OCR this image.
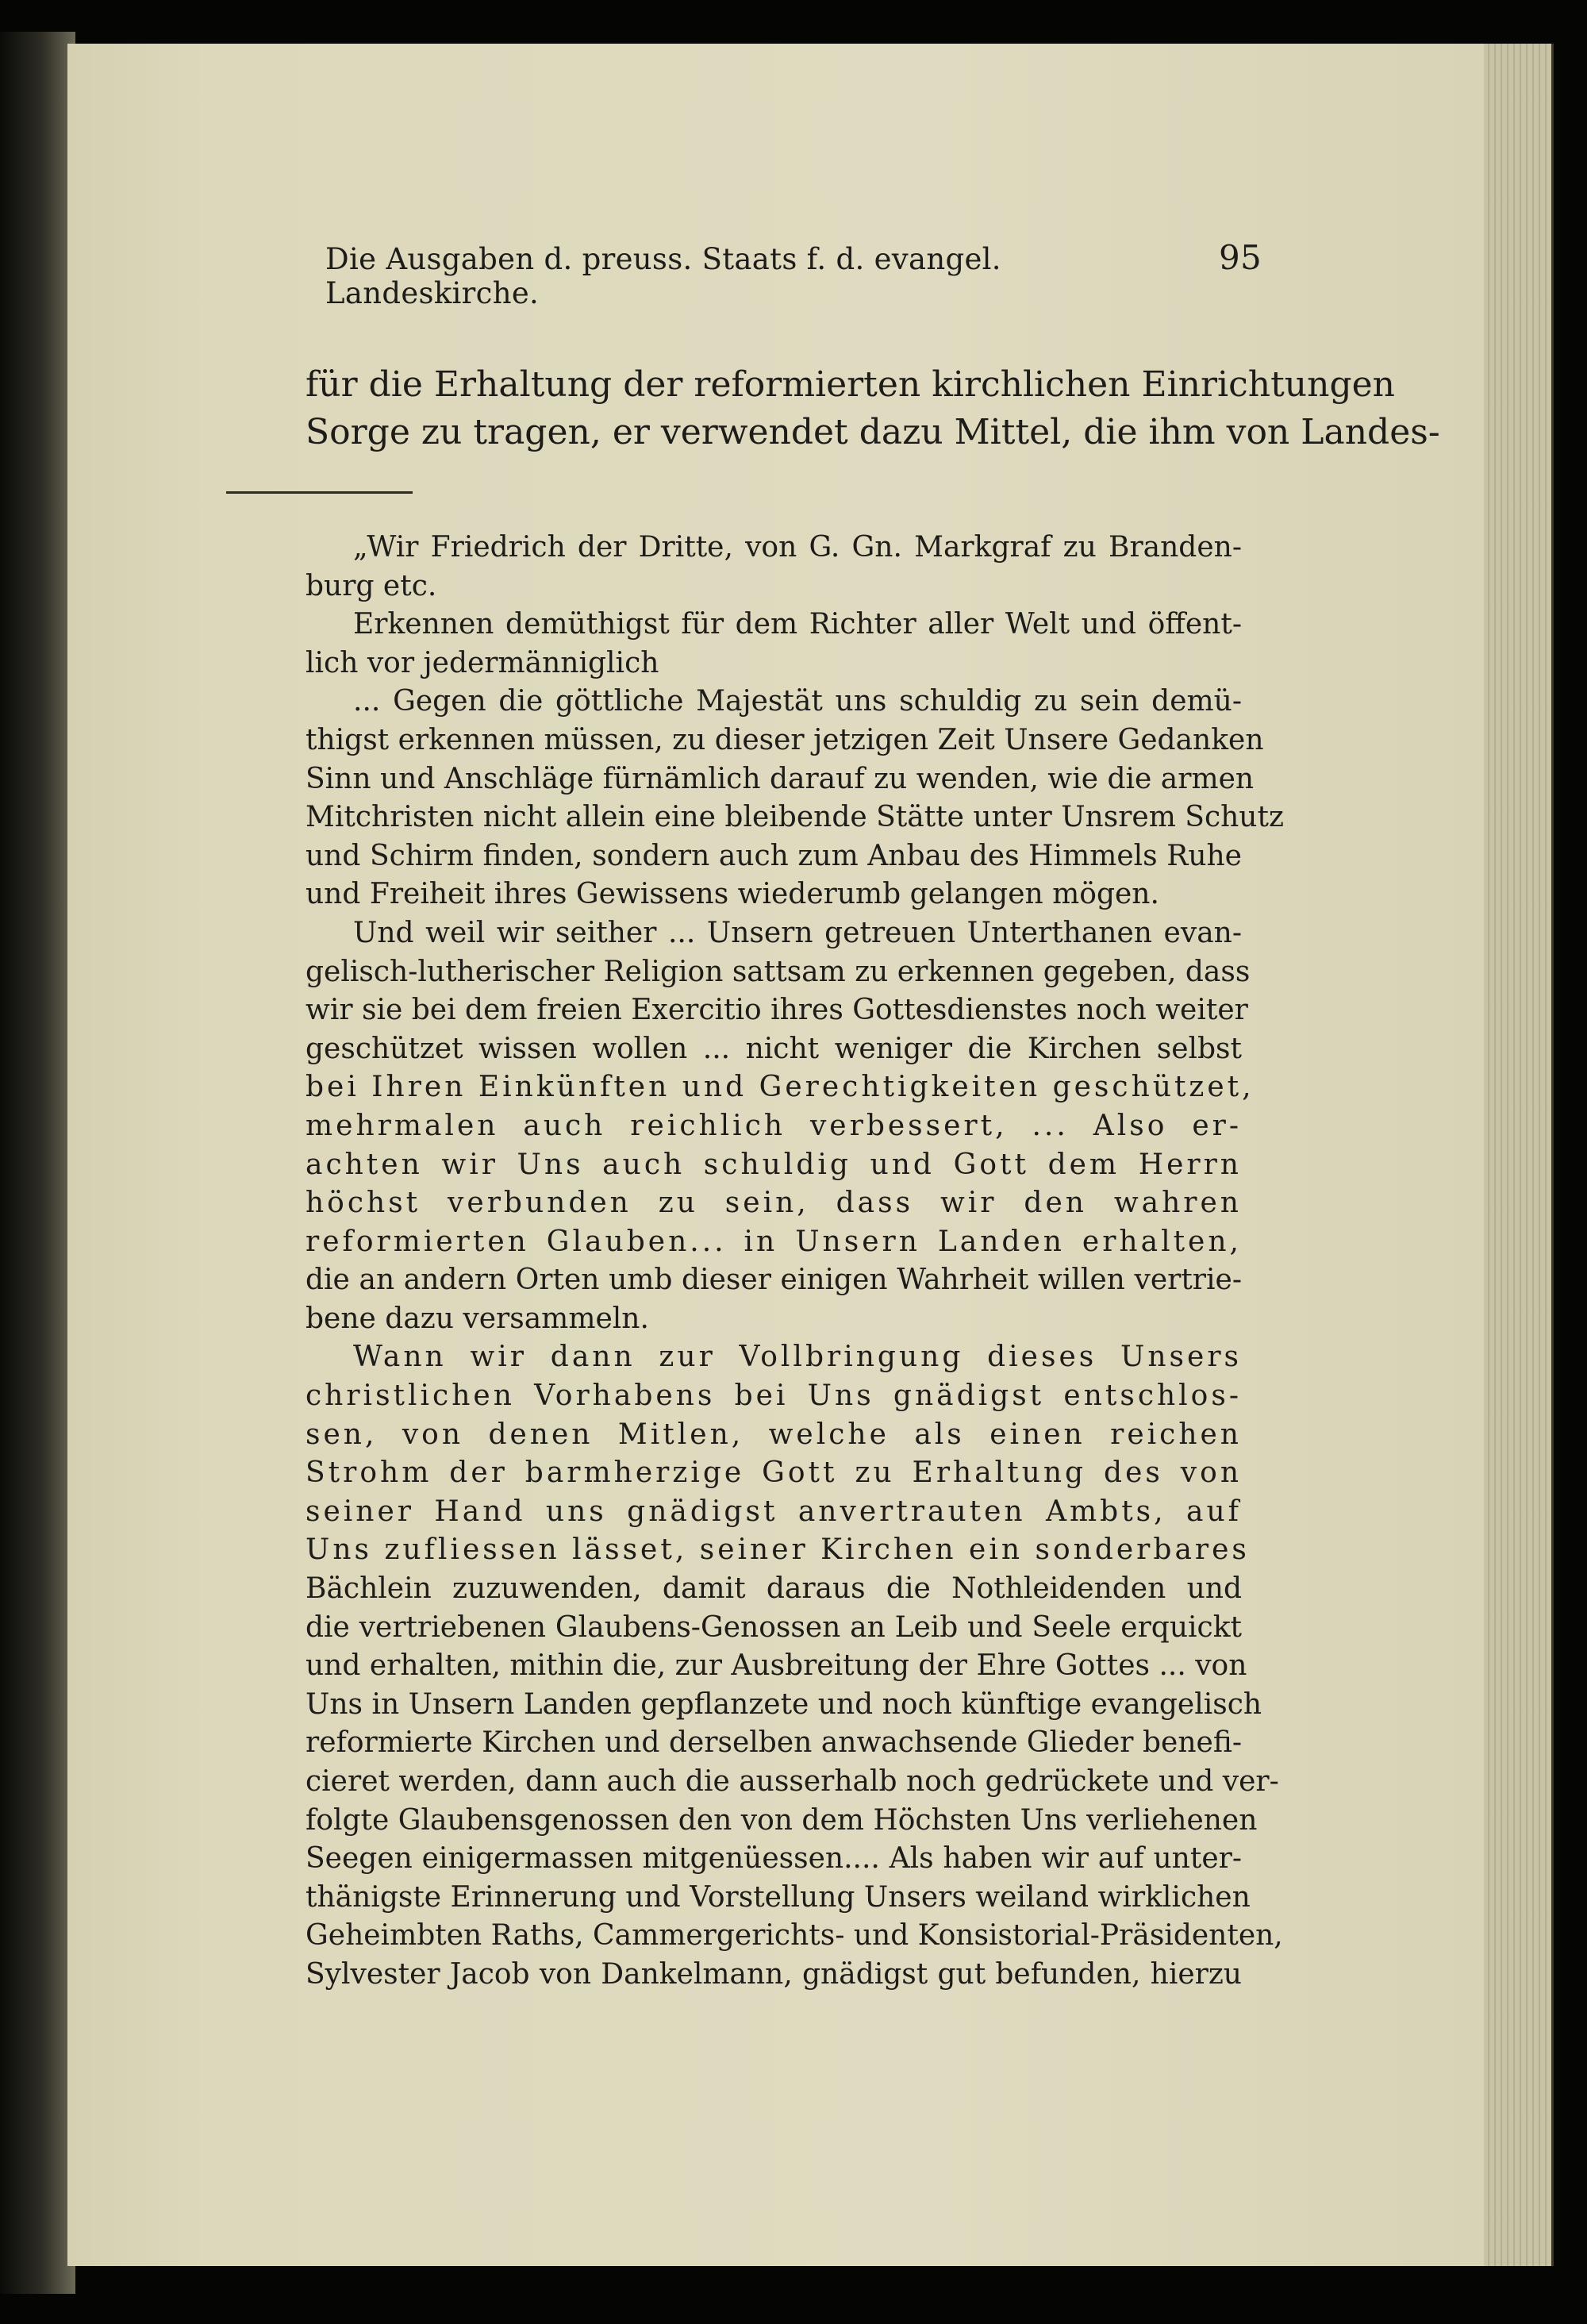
Die Ausgaben d. preuss. Staats f. d. evangel. Landeskirche.
95

für die Erhaltung der reformierten kirchlichen Einrichtungen

Sorge zu tragen, er verwendet dazu Mittel, die ihm von Landes-

„Wir Friedrich der Dritte, von G. Gn. Markgraf zu Branden-
burg etc.
Erkennen demüthigst für dem Richter aller Welt und öffent-
lich vor jedermänniglich
... Gegen die göttliche Majestät uns schuldig zu sein demü-
thigst erkennen müssen, zu dieser jetzigen Zeit Unsere Gedanken
Sinn und Anschläge fürnämlich darauf zu wenden, wie die armen
Mitchristen nicht allein eine bleibende Stätte unter Unsrem Schutz
und Schirm finden, sondern auch zum Anbau des Himmels Ruhe
und Freiheit ihres Gewissens wiederumb gelangen mögen.
Und weil wir seither ... Unsern getreuen Unterthanen evan-
gelisch-lutherischer Religion sattsam zu erkennen gegeben, dass
wir sie bei dem freien Exercitio ihres Gottesdienstes noch weiter
geschützet wissen wollen ... nicht weniger die Kirchen selbst
bei Ihren Einkünften und Gerechtigkeiten geschützet,
mehrmalen auch reichlich verbessert, ... Also er-
achten wir Uns auch schuldig und Gott dem Herrn
höchst verbunden zu sein, dass wir den wahren
reformierten Glauben... in Unsern Landen erhalten,
die an andern Orten umb dieser einigen Wahrheit willen vertrie-
bene dazu versammeln.
Wann wir dann zur Vollbringung dieses Unsers
christlichen Vorhabens bei Uns gnädigst entschlos-
sen, von denen Mitlen, welche als einen reichen
Strohm der barmherzige Gott zu Erhaltung des von
seiner Hand uns gnädigst anvertrauten Ambts, auf
Uns zufliessen lässet, seiner Kirchen ein sonderbares
Bächlein zuzuwenden, damit daraus die Nothleidenden und
die vertriebenen Glaubens-Genossen an Leib und Seele erquickt
und erhalten, mithin die, zur Ausbreitung der Ehre Gottes ... von
Uns in Unsern Landen gepflanzete und noch künftige evangelisch
reformierte Kirchen und derselben anwachsende Glieder benefi-
cieret werden, dann auch die ausserhalb noch gedrückete und ver-
folgte Glaubensgenossen den von dem Höchsten Uns verliehenen
Seegen einigermassen mitgenüessen.... Als haben wir auf unter-
thänigste Erinnerung und Vorstellung Unsers weiland wirklichen
Geheimbten Raths, Cammergerichts- und Konsistorial-Präsidenten,
Sylvester Jacob von Dankelmann, gnädigst gut befunden, hierzu
